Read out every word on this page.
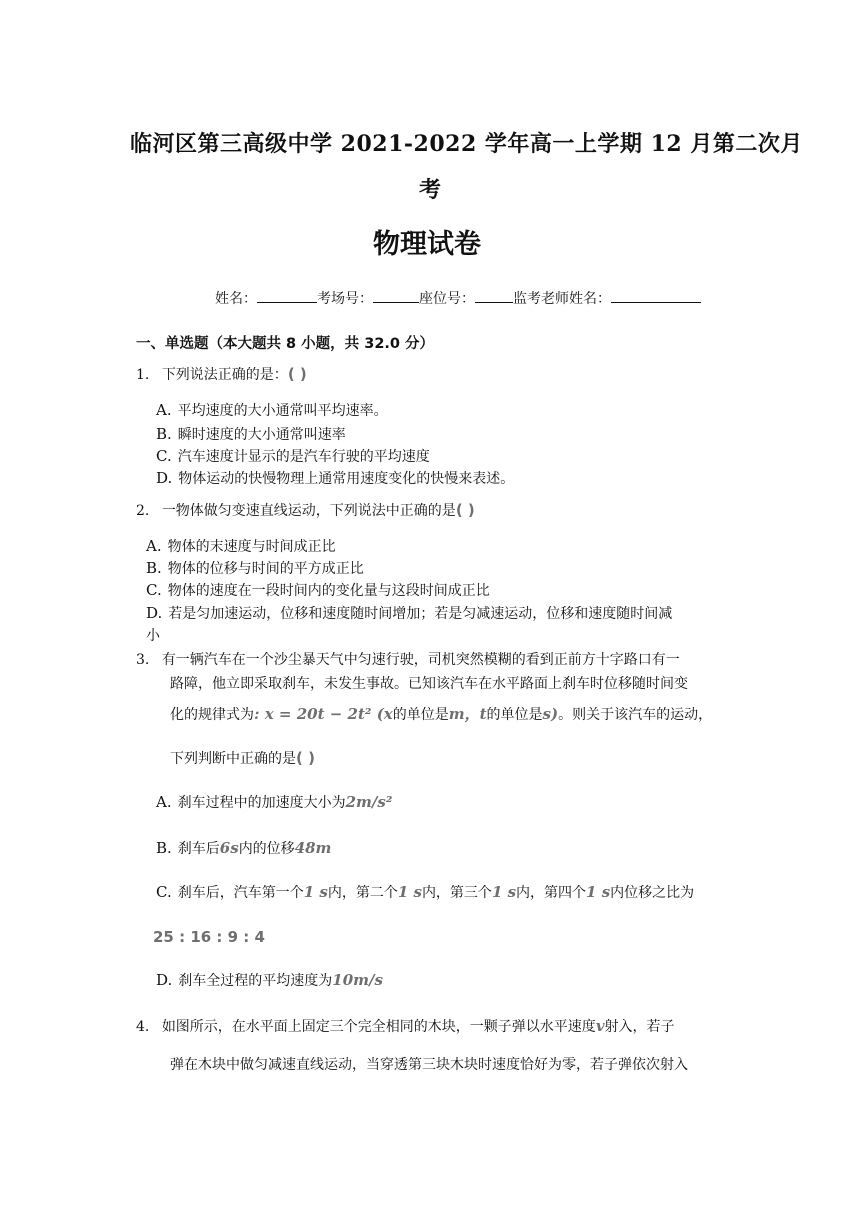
临河区第三高级中学 2021-2022 学年高一上学期 12 月第二次月
考
物理试卷
姓名：	考场号：	座位号：	监考老师姓名：
一、单选题（本大题共 8 小题，共 32.0 分）
1. 下列说法正确的是：( )
A. 平均速度的大小通常叫平均速率。
B. 瞬时速度的大小通常叫速率
C. 汽车速度计显示的是汽车行驶的平均速度
D. 物体运动的快慢物理上通常用速度变化的快慢来表述。
2. 一物体做匀变速直线运动，下列说法中正确的是( )
A. 物体的末速度与时间成正比
B. 物体的位移与时间的平方成正比
C. 物体的速度在一段时间内的变化量与这段时间成正比
D. 若是匀加速运动，位移和速度随时间增加；若是匀减速运动，位移和速度随时间减
小
3. 有一辆汽车在一个沙尘暴天气中匀速行驶，司机突然模糊的看到正前方十字路口有一
路障，他立即采取刹车，未发生事故。已知该汽车在水平路面上刹车时位移随时间变
化的规律式为: x = 20t − 2t² (x的单位是m，t的单位是s)。则关于该汽车的运动，
下列判断中正确的是( )
A. 刹车过程中的加速度大小为2m/s²
B. 刹车后6s内的位移48m
C. 刹车后，汽车第一个1 s内，第二个1 s内，第三个1 s内，第四个1 s内位移之比为
25 : 16 : 9 : 4
D. 刹车全过程的平均速度为10m/s
4. 如图所示，在水平面上固定三个完全相同的木块，一颗子弹以水平速度v射入，若子
弹在木块中做匀减速直线运动，当穿透第三块木块时速度恰好为零，若子弹依次射入
